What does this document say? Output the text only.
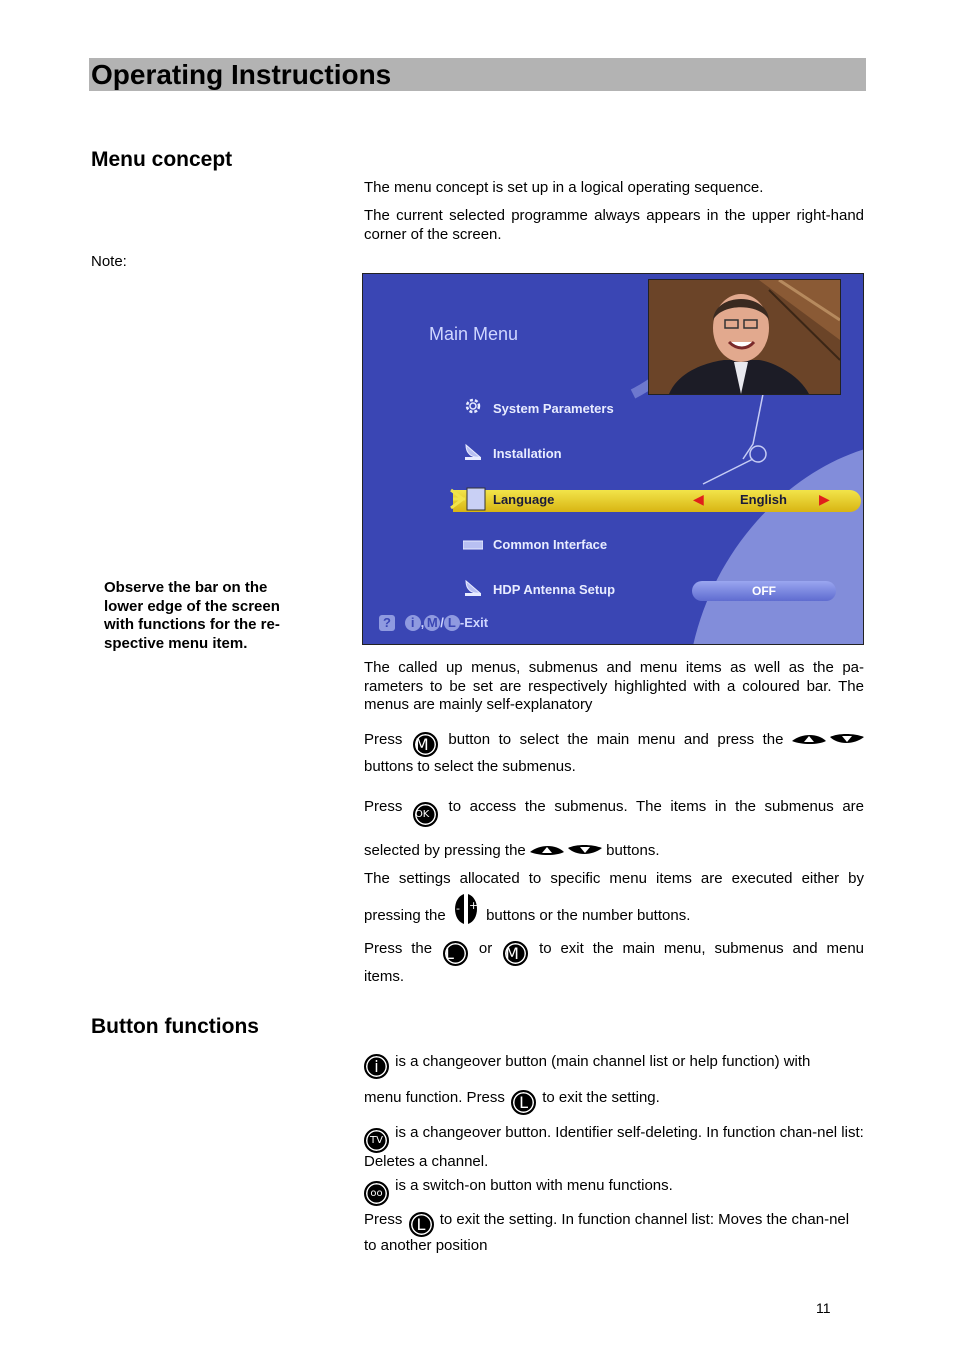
Operating Instructions
Menu concept
The menu concept is set up in a logical operating sequence.
The current selected programme always appears in the upper right-hand corner of the screen.
Note:
Observe the bar on the lower edge of the screen with functions for the re-spective menu item.
Main Menu
System Parameters
Installation
Language	◀	English ▶
Common Interface
HDP Antenna Setup	OFF
? i , M / L -Exit
The called up menus, submenus and menu items as well as the pa-rameters to be set are respectively highlighted with a coloured bar. The menus are mainly self-explanatory
Press M button to select the main menu and press the
buttons to select the submenus.
Press OK to access the submenus. The items in the submenus are
selected by pressing the	buttons.
The settings allocated to specific menu items are executed either by
pressing the - +
buttons or the number buttons.
Press the L or M to exit the main menu, submenus and menu
items.
Button functions
i is a changeover button (main channel list or help function) with
menu function. Press L to exit the setting.
TV is a changeover button. Identifier self-deleting. In function chan-nel list: Deletes a channel.
oo is a switch-on button with menu functions.
Press L to exit the setting. In function channel list: Moves the chan-nel to another position
11
